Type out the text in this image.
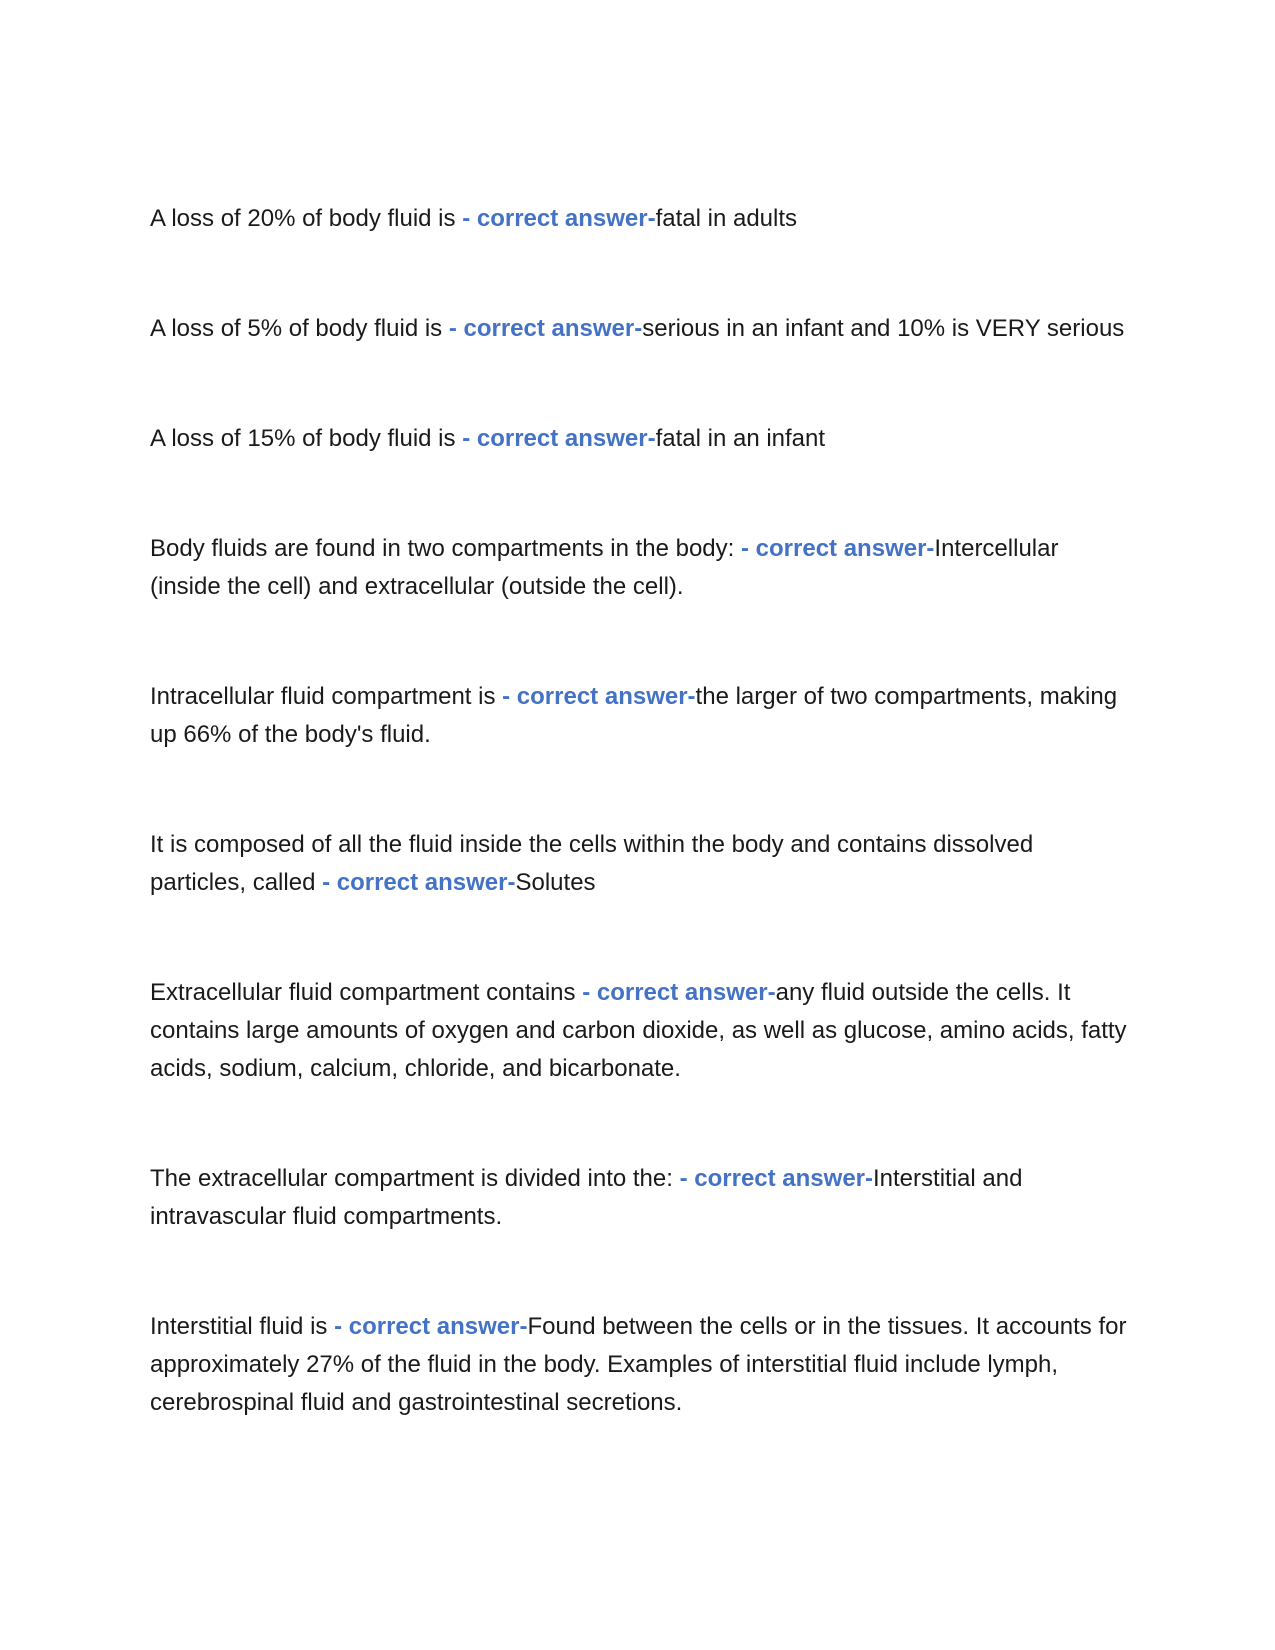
A loss of 20% of body fluid is - correct answer-fatal in adults

A loss of 5% of body fluid is - correct answer-serious in an infant and 10% is VERY serious

A loss of 15% of body fluid is - correct answer-fatal in an infant

Body fluids are found in two compartments in the body: - correct answer-Intercellular (inside the cell) and extracellular (outside the cell).

Intracellular fluid compartment is - correct answer-the larger of two compartments, making up 66% of the body's fluid.

It is composed of all the fluid inside the cells within the body and contains dissolved particles, called - correct answer-Solutes

Extracellular fluid compartment contains - correct answer-any fluid outside the cells. It contains large amounts of oxygen and carbon dioxide, as well as glucose, amino acids, fatty acids, sodium, calcium, chloride, and bicarbonate.

The extracellular compartment is divided into the: - correct answer-Interstitial and intravascular fluid compartments.

Interstitial fluid is - correct answer-Found between the cells or in the tissues. It accounts for approximately 27% of the fluid in the body. Examples of interstitial fluid include lymph, cerebrospinal fluid and gastrointestinal secretions.
